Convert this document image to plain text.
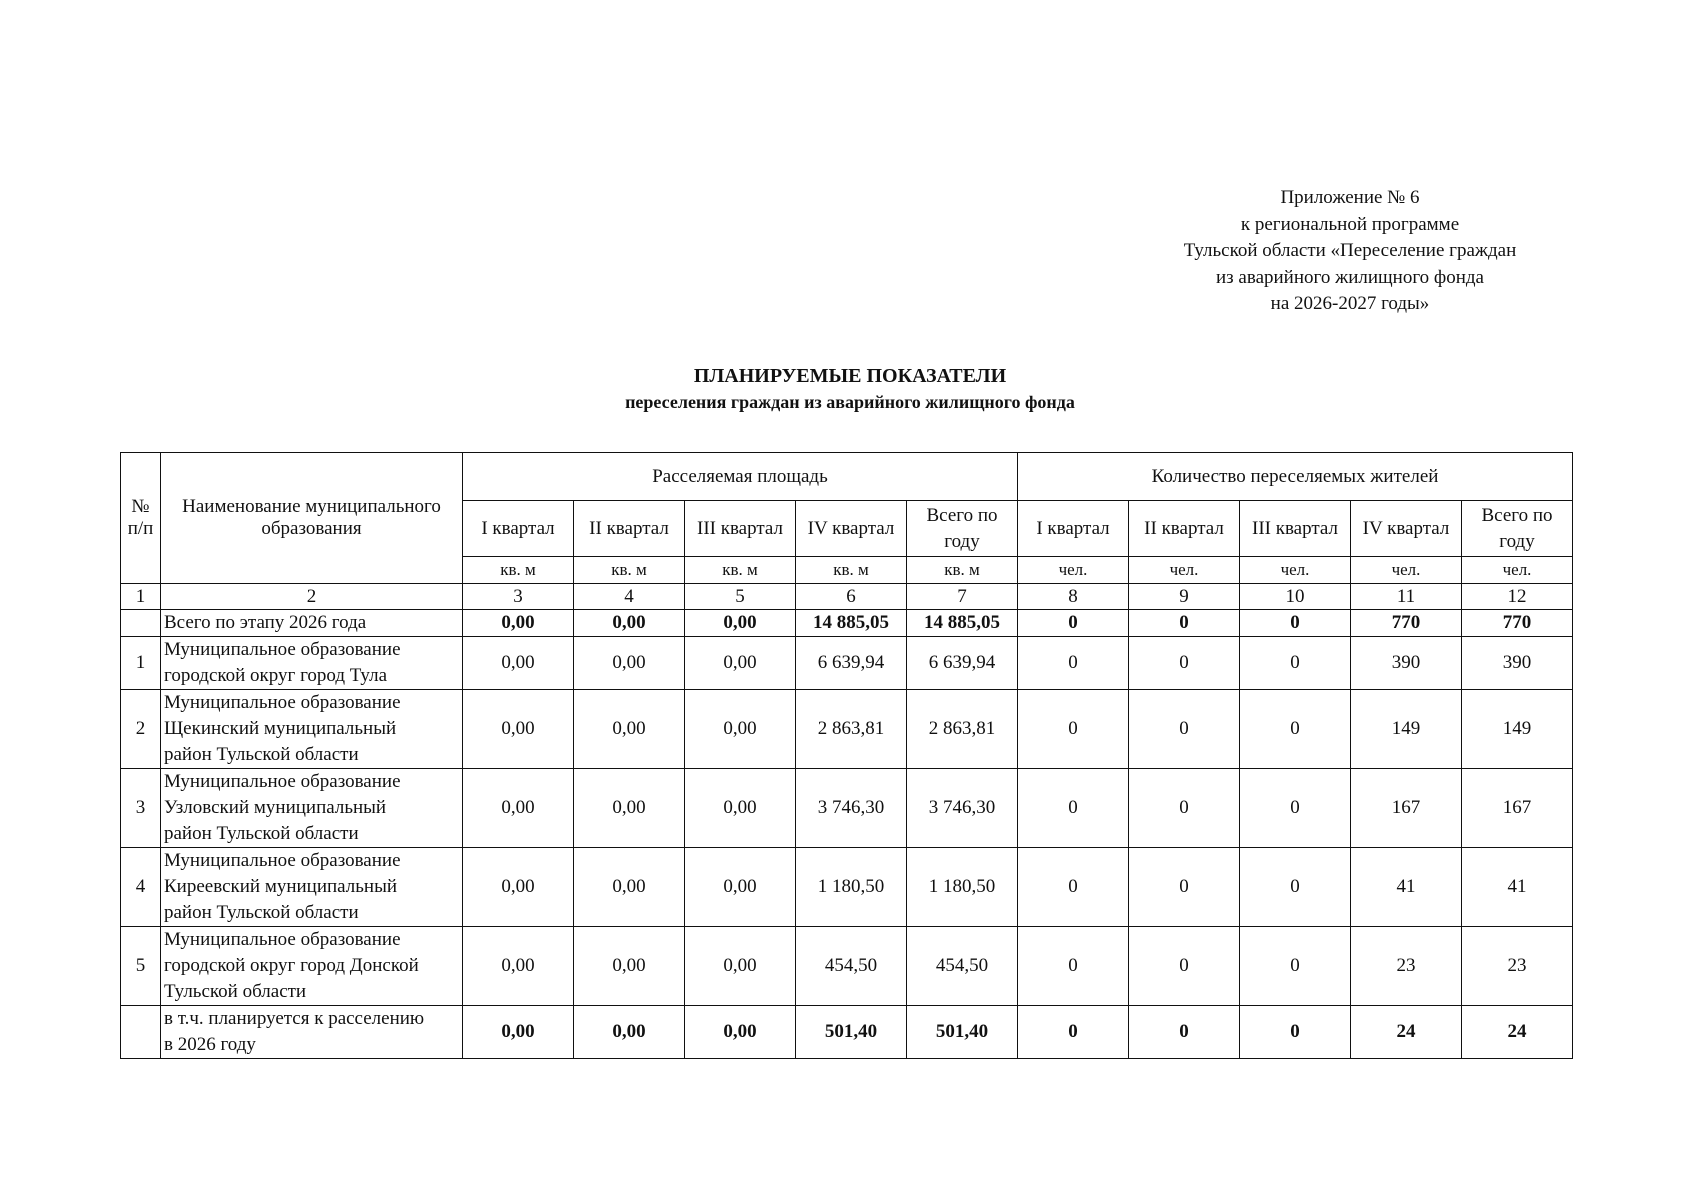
Приложение № 6
к региональной программе
Тульской области «Переселение граждан
из аварийного жилищного фонда
на 2026-2027 годы»
ПЛАНИРУЕМЫЕ ПОКАЗАТЕЛИ
переселения граждан из аварийного жилищного фонда
№ п/п	Наименование муниципального образования	Расселяемая площадь					Количество переселяемых жителей				
		I квартал	II квартал	III квартал	IV квартал	Всего по году	I квартал	II квартал	III квартал	IV квартал	Всего по году
		кв. м	кв. м	кв. м	кв. м	кв. м	чел.	чел.	чел.	чел.	чел.
1	2	3	4	5	6	7	8	9	10	11	12
	Всего по этапу 2026 года	0,00	0,00	0,00	14 885,05	14 885,05	0	0	0	770	770
1	Муниципальное образование
городской округ город Тула	0,00	0,00	0,00	6 639,94	6 639,94	0	0	0	390	390
2	Муниципальное образование
Щекинский муниципальный
район Тульской области	0,00	0,00	0,00	2 863,81	2 863,81	0	0	0	149	149
3	Муниципальное образование
Узловский муниципальный
район Тульской области	0,00	0,00	0,00	3 746,30	3 746,30	0	0	0	167	167
4	Муниципальное образование
Киреевский муниципальный
район Тульской области	0,00	0,00	0,00	1 180,50	1 180,50	0	0	0	41	41
5	Муниципальное образование
городской округ город Донской
Тульской области	0,00	0,00	0,00	454,50	454,50	0	0	0	23	23

	в т.ч. планируется к расселению
в 2026 году	0,00	0,00	0,00	501,40	501,40	0	0	0	24	24
